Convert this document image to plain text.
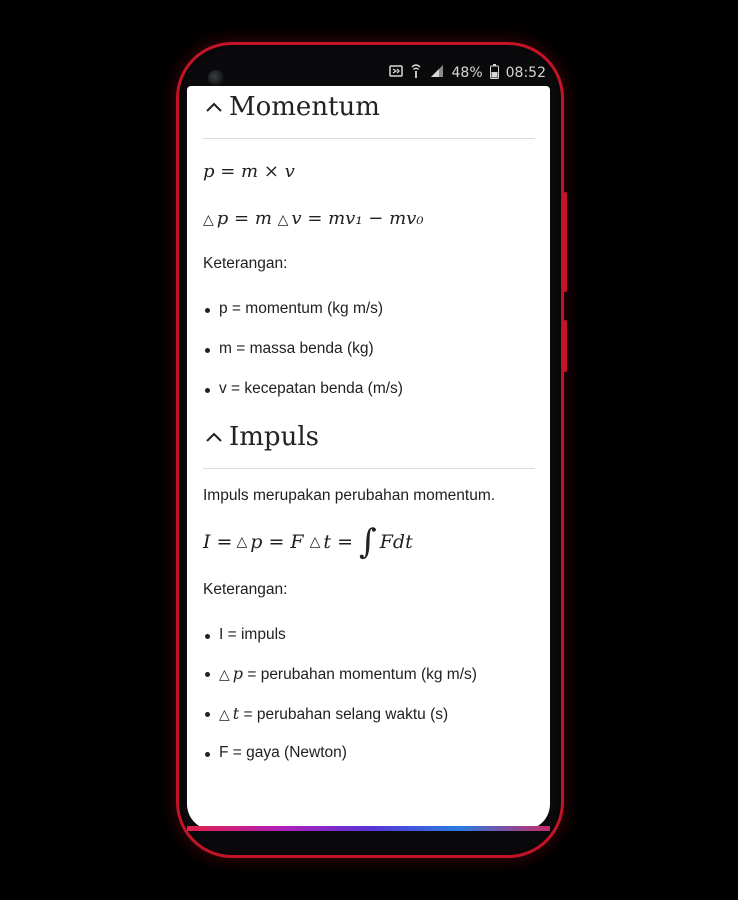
48% 08:52
Momentum
p = m × v
△ p = m △ v = mv₁ − mv₀
Keterangan:
p = momentum (kg m/s)
m = massa benda (kg)
v = kecepatan benda (m/s)
Impuls
Impuls merupakan perubahan momentum.
I = △ p = F △ t = ∫ Fdt
Keterangan:
I = impuls
△ p = perubahan momentum (kg m/s)
△ t = perubahan selang waktu (s)
F = gaya (Newton)
